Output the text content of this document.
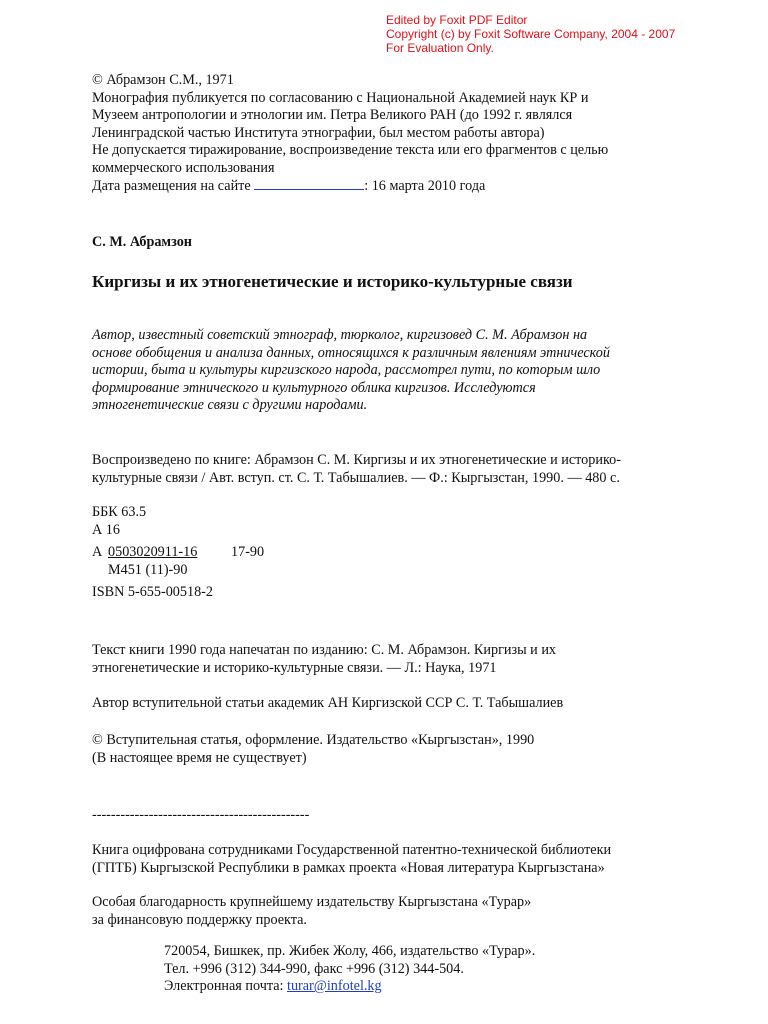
Edited by Foxit PDF Editor
Copyright (c) by Foxit Software Company, 2004 - 2007
For Evaluation Only.
© Абрамзон С.М., 1971
Монография публикуется по согласованию с Национальной Академией наук КР и
Музеем антропологии и этнологии им. Петра Великого РАН (до 1992 г. являлся
Ленинградской частью Института этнографии, был местом работы автора)
Не допускается тиражирование, воспроизведение текста или его фрагментов с целью
коммерческого использования
Дата размещения на сайте	: 16 марта 2010 года
С. М. Абрамзон
Киргизы и их этногенетические и историко-культурные связи
Автор, известный советский этнограф, тюрколог, киргизовед С. М. Абрамзон на
основе обобщения и анализа данных, относящихся к различным явлениям этнической
истории, быта и культуры киргизского народа, рассмотрел пути, по которым шло
формирование этнического и культурного облика киргизов. Исследуются
этногенетические связи с другими народами.
Воспроизведено по книге: Абрамзон С. М. Киргизы и их этногенетические и историко-
культурные связи / Авт. вступ. ст. С. Т. Табышалиев. — Ф.: Кыргызстан, 1990. — 480 с.
ББК 63.5
А 16
А 0503020911-16 17-90
М451 (11)-90
ISBN 5-655-00518-2
Текст книги 1990 года напечатан по изданию: С. М. Абрамзон. Киргизы и их
этногенетические и историко-культурные связи. — Л.: Наука, 1971
Автор вступительной статьи академик АН Киргизской ССР С. Т. Табышалиев
© Вступительная статья, оформление. Издательство «Кыргызстан», 1990
(В настоящее время не существует)
----------------------------------------------
Книга оцифрована сотрудниками Государственной патентно-технической библиотеки
(ГПТБ) Кыргызской Республики в рамках проекта «Новая литература Кыргызстана»
Особая благодарность крупнейшему издательству Кыргызстана «Турар»
за финансовую поддержку проекта.
720054, Бишкек, пр. Жибек Жолу, 466, издательство «Турар».
Тел. +996 (312) 344-990, факс +996 (312) 344-504.
Электронная почта: turar@infotel.kg
